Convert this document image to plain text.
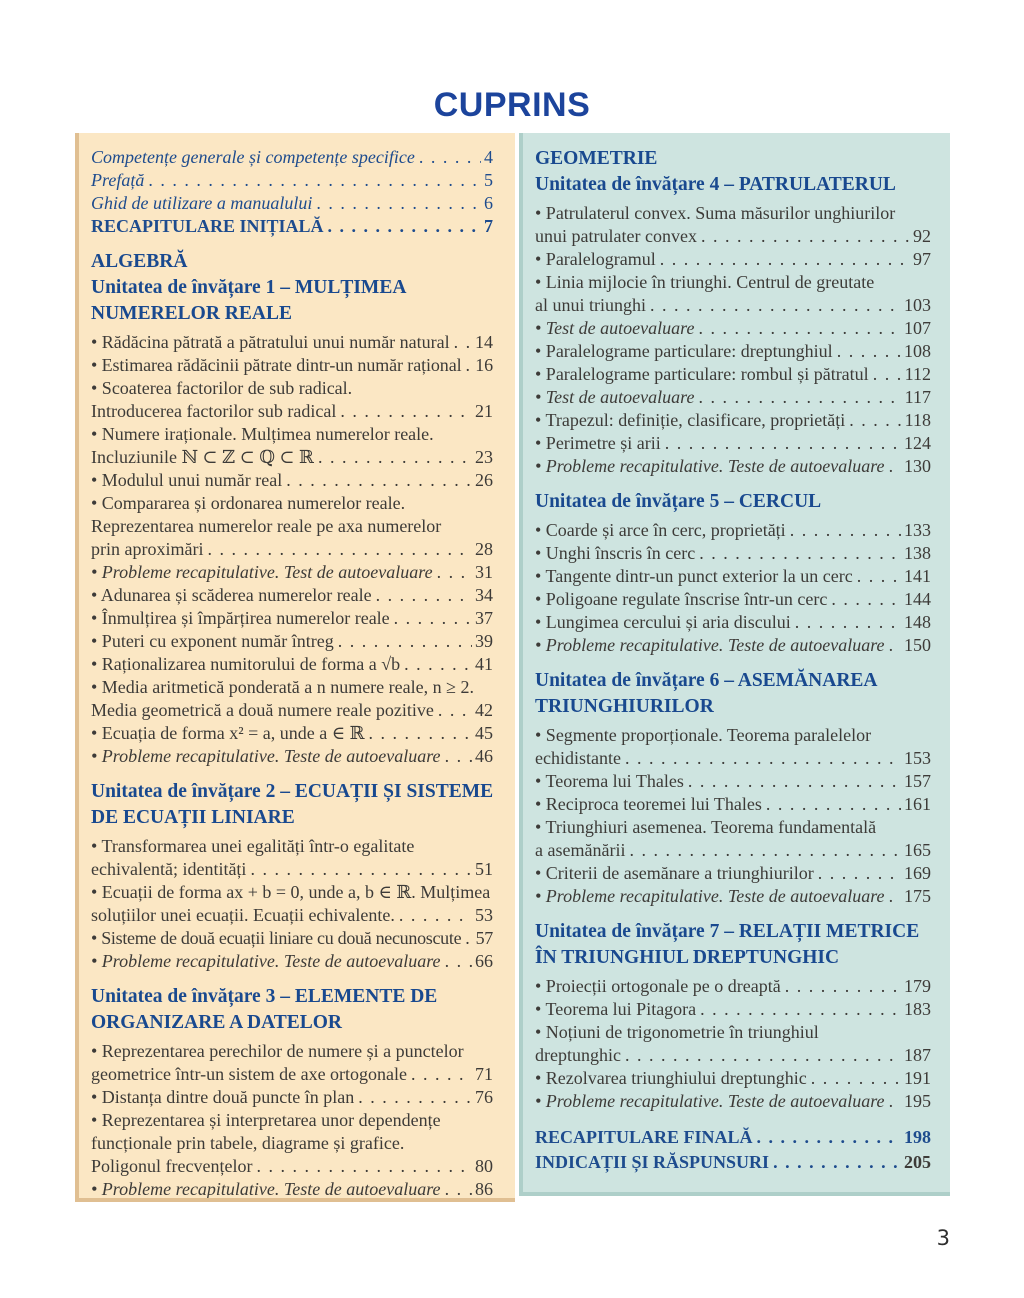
CUPRINS
Competențe generale și competențe specifice . . .	4
Prefață . . .	5
Ghid de utilizare a manualului . . .	6
RECAPITULARE INIȚIALĂ . . .	7
ALGEBRĂ
Unitatea de învățare 1 – MULȚIMEA
NUMERELOR REALE
• Rădăcina pătrată a pătratului unui număr natural . . . 14
• Estimarea rădăcinii pătrate dintr-un număr rațional . . . 16
• Scoaterea factorilor de sub radical.
Introducerea factorilor sub radical . . .	21
• Numere iraționale. Mulțimea numerelor reale.
Incluziunile ℕ ⊂ ℤ ⊂ ℚ ⊂ ℝ . . .	23
• Modulul unui număr real . . .	26
• Compararea și ordonarea numerelor reale.
Reprezentarea numerelor reale pe axa numerelor
prin aproximări . . .	28
• Probleme recapitulative. Test de autoevaluare . . . 31
• Adunarea și scăderea numerelor reale . . .	34
• Înmulțirea și împărțirea numerelor reale . . .	37
• Puteri cu exponent număr întreg . . .	39
• Raționalizarea numitorului de forma a √b . . .	41
• Media aritmetică ponderată a n numere reale, n ≥ 2.
Media geometrică a două numere reale pozitive . . . 42
• Ecuația de forma x² = a, unde a ∈ ℝ . . .	45
• Probleme recapitulative. Teste de autoevaluare . . . 46
Unitatea de învățare 2 – ECUAȚII ȘI SISTEME
DE ECUAȚII LINIARE
• Transformarea unei egalități într-o egalitate
echivalentă; identități . . .	51
• Ecuații de forma ax + b = 0, unde a, b ∈ ℝ. Mulțimea
soluțiilor unei ecuații. Ecuații echivalente. . . .	53
• Sisteme de două ecuații liniare cu două necunoscute . . . 57
• Probleme recapitulative. Teste de autoevaluare . . . 66
Unitatea de învățare 3 – ELEMENTE DE
ORGANIZARE A DATELOR
• Reprezentarea perechilor de numere și a punctelor
geometrice într-un sistem de axe ortogonale . . .	71
• Distanța dintre două puncte în plan . . .	76
• Reprezentarea și interpretarea unor dependențe
funcționale prin tabele, diagrame și grafice.
Poligonul frecvențelor . . .	80
• Probleme recapitulative. Teste de autoevaluare . . . 86
GEOMETRIE
Unitatea de învățare 4 – PATRULATERUL
• Patrulaterul convex. Suma măsurilor unghiurilor
unui patrulater convex . . .	92
• Paralelogramul . . .	97
• Linia mijlocie în triunghi. Centrul de greutate
al unui triunghi . . .	103
• Test de autoevaluare . . .	107
• Paralelograme particulare: dreptunghiul . . .	108
• Paralelograme particulare: rombul și pătratul . . . 112
• Test de autoevaluare . . .	117
• Trapezul: definiție, clasificare, proprietăți . . .	118
• Perimetre și arii . . .	124
• Probleme recapitulative. Teste de autoevaluare . . . 130
Unitatea de învățare 5 – CERCUL
• Coarde și arce în cerc, proprietăți . . .	133
• Unghi înscris în cerc . . .	138
• Tangente dintr-un punct exterior la un cerc . . .	141
• Poligoane regulate înscrise într-un cerc . . .	144
• Lungimea cercului și aria discului . . .	148
• Probleme recapitulative. Teste de autoevaluare . . . 150
Unitatea de învățare 6 – ASEMĂNAREA
TRIUNGHIURILOR
• Segmente proporționale. Teorema paralelelor
echidistante . . .	153
• Teorema lui Thales . . .	157
• Reciproca teoremei lui Thales . . .	161
• Triunghiuri asemenea. Teorema fundamentală
a asemănării . . .	165
• Criterii de asemănare a triunghiurilor . . .	169
• Probleme recapitulative. Teste de autoevaluare . . . 175
Unitatea de învățare 7 – RELAȚII METRICE
ÎN TRIUNGHIUL DREPTUNGHIC
• Proiecții ortogonale pe o dreaptă . . .	179
• Teorema lui Pitagora . . .	183
• Noțiuni de trigonometrie în triunghiul
dreptunghic . . .	187
• Rezolvarea triunghiului dreptunghic . . .	191
• Probleme recapitulative. Teste de autoevaluare . . . 195
RECAPITULARE FINALĂ . . .	198
INDICAȚII ȘI RĂSPUNSURI . . .	205
3
